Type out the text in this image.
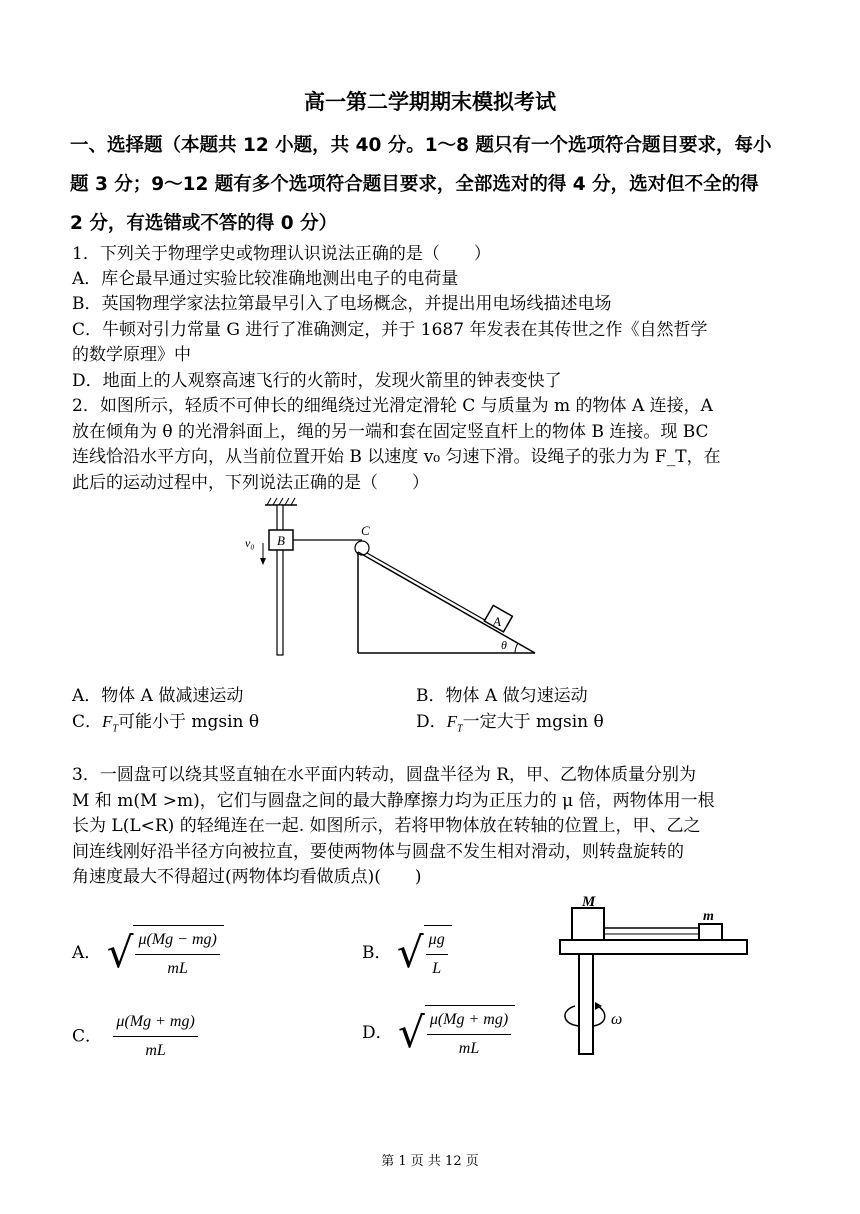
高一第二学期期末模拟考试
一、选择题（本题共 12 小题，共 40 分。1～8 题只有一个选项符合题目要求，每小
题 3 分；9～12 题有多个选项符合题目要求，全部选对的得 4 分，选对但不全的得
2 分，有选错或不答的得 0 分）
1．下列关于物理学史或物理认识说法正确的是（　　）
A．库仑最早通过实验比较准确地测出电子的电荷量
B．英国物理学家法拉第最早引入了电场概念，并提出用电场线描述电场
C．牛顿对引力常量 G 进行了准确测定，并于 1687 年发表在其传世之作《自然哲学
的数学原理》中
D．地面上的人观察高速飞行的火箭时，发现火箭里的钟表变快了
2．如图所示，轻质不可伸长的细绳绕过光滑定滑轮 C 与质量为 m 的物体 A 连接，A
放在倾角为 θ 的光滑斜面上，绳的另一端和套在固定竖直杆上的物体 B 连接。现 BC
连线恰沿水平方向，从当前位置开始 B 以速度 v₀ 匀速下滑。设绳子的张力为 F_T，在
此后的运动过程中，下列说法正确的是（　　）
B
v₀
C
A
θ
A．物体 A 做减速运动	B．物体 A 做匀速运动
C．$F_T$可能小于 mgsin θ	D．$F_T$一定大于 mgsin θ
3．一圆盘可以绕其竖直轴在水平面内转动，圆盘半径为 R，甲、乙物体质量分别为
M 和 m(M >m)，它们与圆盘之间的最大静摩擦力均为正压力的 μ 倍，两物体用一根
长为 L(L<R) 的轻绳连在一起. 如图所示，若将甲物体放在转轴的位置上，甲、乙之
间连线刚好沿半径方向被拉直，要使两物体与圆盘不发生相对滑动，则转盘旋转的
角速度最大不得超过(两物体均看做质点)(　　)
A． √ $\frac{\mu(Mg - mg)}{mL}$	B． √ $\frac{\mu g}{L}$
C． $\frac{\mu(Mg + mg)}{mL}$	D． √ $\frac{\mu(Mg + mg)}{mL}$
M
m
ω
第 1 页 共 12 页
